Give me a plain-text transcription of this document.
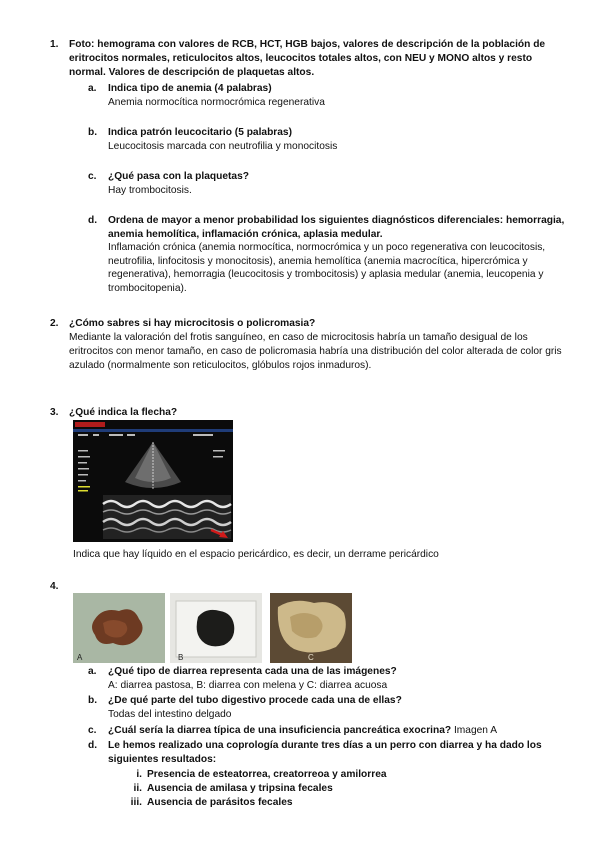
1. Foto: hemograma con valores de RCB, HCT, HGB bajos, valores de descripción de la población de eritrocitos normales, reticulocitos altos, leucocitos totales altos, con NEU y MONO altos y resto normal. Valores de descripción de plaquetas altos.
a. Indica tipo de anemia (4 palabras)
Anemia normocítica normocrómica regenerativa
b. Indica patrón leucocitario (5 palabras)
Leucocitosis marcada con neutrofilia y monocitosis
c. ¿Qué pasa con la plaquetas?
Hay trombocitosis.
d. Ordena de mayor a menor probabilidad los siguientes diagnósticos diferenciales: hemorragia, anemia hemolítica, inflamación crónica, aplasia medular.
Inflamación crónica (anemia normocítica, normocrómica y un poco regenerativa con leucocitosis, neutrofilia, linfocitosis y monocitosis), anemia hemolítica (anemia macrocítica, hipercrómica y regenerativa), hemorragia (leucocitosis y trombocitosis) y aplasia medular (anemia, leucopenia y trombocitopenia).
2. ¿Cómo sabres si hay microcitosis o policromasia?
Mediante la valoración del frotis sanguíneo, en caso de microcitosis habría un tamaño desigual de los eritrocitos con menor tamaño, en caso de policromasia habría una distribución del color alterada de color gris azulado (normalmente son reticulocitos, glóbulos rojos inmaduros).
3. ¿Qué indica la flecha?
Indica que hay líquido en el espacio pericárdico, es decir, un derrame pericárdico
4.
A	B	C
a. ¿Qué tipo de diarrea representa cada una de las imágenes?
A: diarrea pastosa, B: diarrea con melena y C: diarrea acuosa
b. ¿De qué parte del tubo digestivo procede cada una de ellas?
Todas del intestino delgado
c. ¿Cuál sería la diarrea típica de una insuficiencia pancreática exocrina? Imagen A
d. Le hemos realizado una coprología durante tres días a un perro con diarrea y ha dado los siguientes resultados:
i. Presencia de esteatorrea, creatorreoa y amilorrea
ii. Ausencia de amilasa y tripsina fecales
iii. Ausencia de parásitos fecales
